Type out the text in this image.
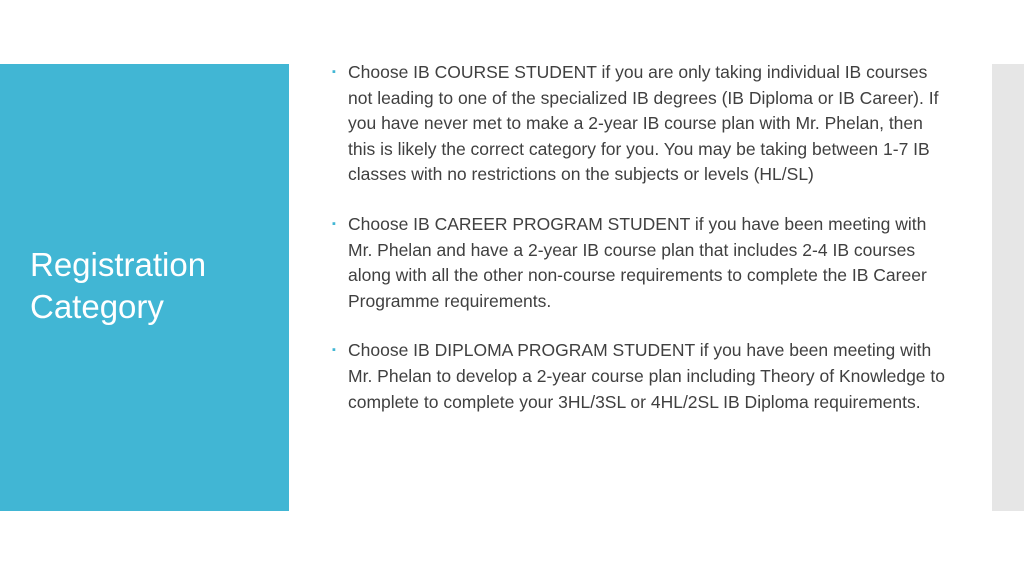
Registration Category
▪ Choose IB COURSE STUDENT if you are only taking individual IB courses not leading to one of the specialized IB degrees (IB Diploma or IB Career). If you have never met to make a 2-year IB course plan with Mr. Phelan, then this is likely the correct category for you. You may be taking between 1-7 IB classes with no restrictions on the subjects or levels (HL/SL)
▪ Choose IB CAREER PROGRAM STUDENT if you have been meeting with Mr. Phelan and have a 2-year IB course plan that includes 2-4 IB courses along with all the other non-course requirements to complete the IB Career Programme requirements.
▪ Choose IB DIPLOMA PROGRAM STUDENT if you have been meeting with Mr. Phelan to develop a 2-year course plan including Theory of Knowledge to complete to complete your 3HL/3SL or 4HL/2SL IB Diploma requirements.
